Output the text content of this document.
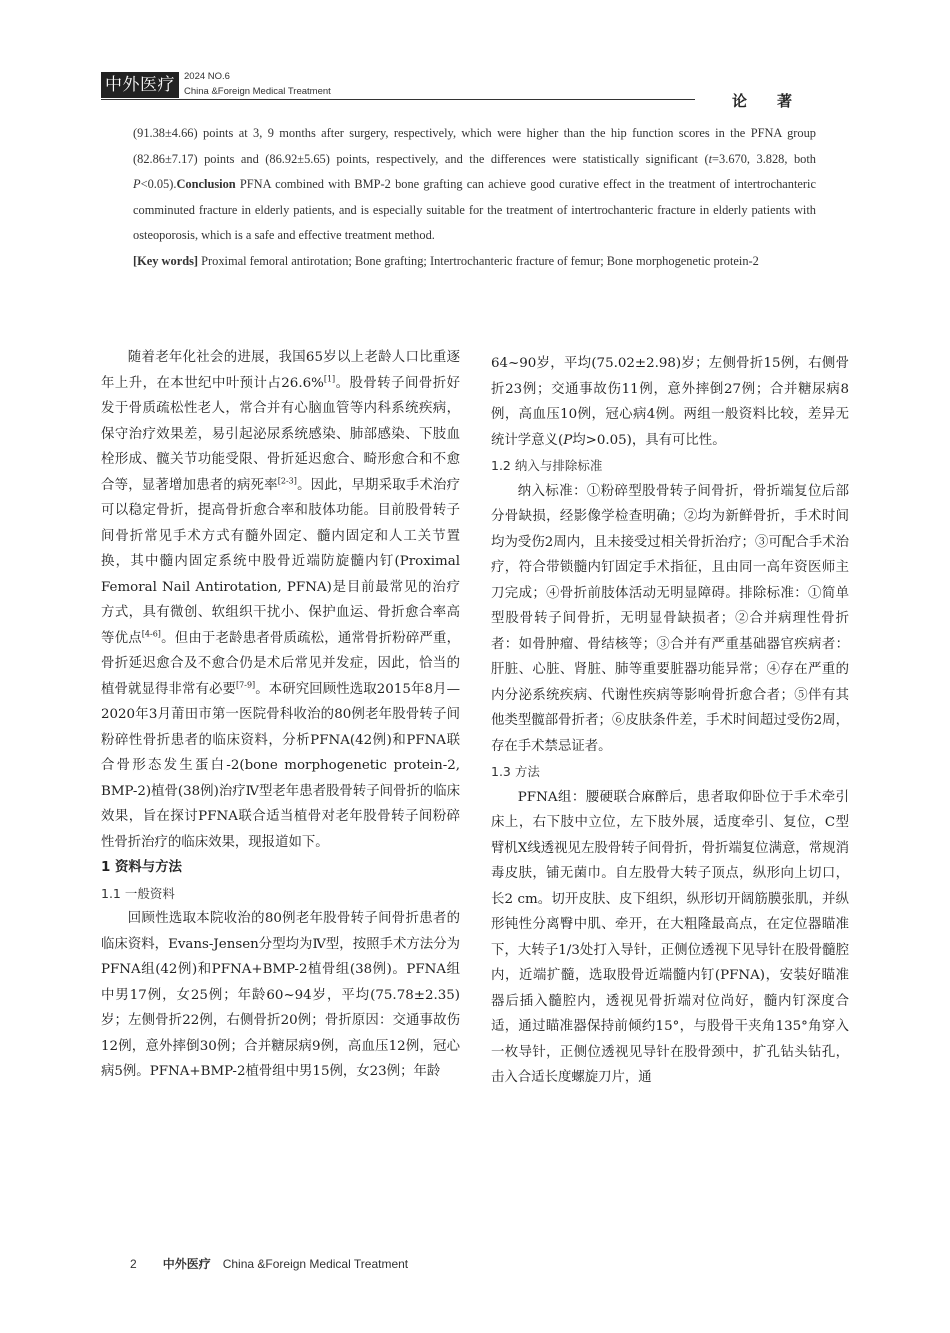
中外医疗 2024 NO.6
China &Foreign Medical Treatment
论著

(91.38±4.66) points at 3, 9 months after surgery, respectively, which were higher than the hip function scores in the PFNA group (82.86±7.17) points and (86.92±5.65) points, respectively, and the differences were statistically significant (t=3.670, 3.828, both P<0.05).Conclusion PFNA combined with BMP-2 bone grafting can achieve good curative effect in the treatment of intertrochanteric comminuted fracture in elderly patients, and is especially suitable for the treatment of intertrochanteric fracture in elderly patients with osteoporosis, which is a safe and effective treatment method.

[Key words] Proximal femoral antirotation; Bone grafting; Intertrochanteric fracture of femur; Bone morphogenetic protein-2

随着老年化社会的进展，我国65岁以上老龄人口比重逐年上升，在本世纪中叶预计占26.6%[1]。股骨转子间骨折好发于骨质疏松性老人，常合并有心脑血管等内科系统疾病，保守治疗效果差，易引起泌尿系统感染、肺部感染、下肢血栓形成、髋关节功能受限、骨折延迟愈合、畸形愈合和不愈合等，显著增加患者的病死率[2-3]。因此，早期采取手术治疗可以稳定骨折，提高骨折愈合率和肢体功能。目前股骨转子间骨折常见手术方式有髓外固定、髓内固定和人工关节置换，其中髓内固定系统中股骨近端防旋髓内钉(Proximal Femoral Nail Antirotation, PFNA)是目前最常见的治疗方式，具有微创、软组织干扰小、保护血运、骨折愈合率高等优点[4-6]。但由于老龄患者骨质疏松，通常骨折粉碎严重，骨折延迟愈合及不愈合仍是术后常见并发症，因此，恰当的植骨就显得非常有必要[7-9]。本研究回顾性选取2015年8月—2020年3月莆田市第一医院骨科收治的80例老年股骨转子间粉碎性骨折患者的临床资料，分析PFNA(42例)和PFNA联合骨形态发生蛋白-2(bone morphogenetic protein-2, BMP-2)植骨(38例)治疗Ⅳ型老年患者股骨转子间骨折的临床效果，旨在探讨PFNA联合适当植骨对老年股骨转子间粉碎性骨折治疗的临床效果，现报道如下。

1 资料与方法
1.1 一般资料

回顾性选取本院收治的80例老年股骨转子间骨折患者的临床资料，Evans-Jensen分型均为Ⅳ型，按照手术方法分为PFNA组(42例)和PFNA+BMP-2植骨组(38例)。PFNA组中男17例，女25例；年龄60~94岁，平均(75.78±2.35)岁；左侧骨折22例，右侧骨折20例；骨折原因：交通事故伤12例，意外摔倒30例；合并糖尿病9例，高血压12例，冠心病5例。PFNA+BMP-2植骨组中男15例，女23例；年龄

64~90岁，平均(75.02±2.98)岁；左侧骨折15例，右侧骨折23例；交通事故伤11例，意外摔倒27例；合并糖尿病8例，高血压10例，冠心病4例。两组一般资料比较，差异无统计学意义(P均>0.05)，具有可比性。

1.2 纳入与排除标准

纳入标准：①粉碎型股骨转子间骨折，骨折端复位后部分骨缺损，经影像学检查明确；②均为新鲜骨折，手术时间均为受伤2周内，且未接受过相关骨折治疗；③可配合手术治疗，符合带锁髓内钉固定手术指征，且由同一高年资医师主刀完成；④骨折前肢体活动无明显障碍。排除标准：①简单型股骨转子间骨折，无明显骨缺损者；②合并病理性骨折者：如骨肿瘤、骨结核等；③合并有严重基础器官疾病者：肝脏、心脏、肾脏、肺等重要脏器功能异常；④存在严重的内分泌系统疾病、代谢性疾病等影响骨折愈合者；⑤伴有其他类型髋部骨折者；⑥皮肤条件差，手术时间超过受伤2周，存在手术禁忌证者。

1.3 方法

PFNA组：腰硬联合麻醉后，患者取仰卧位于手术牵引床上，右下肢中立位，左下肢外展，适度牵引、复位，C型臂机X线透视见左股骨转子间骨折，骨折端复位满意，常规消毒皮肤，铺无菌巾。自左股骨大转子顶点，纵形向上切口，长2 cm。切开皮肤、皮下组织，纵形切开阔筋膜张肌，并纵形钝性分离臀中肌、牵开，在大粗隆最高点，在定位器瞄准下，大转子1/3处打入导针，正侧位透视下见导针在股骨髓腔内，近端扩髓，选取股骨近端髓内钉(PFNA)，安装好瞄准器后插入髓腔内，透视见骨折端对位尚好，髓内钉深度合适，通过瞄准器保持前倾约15°，与股骨干夹角135°角穿入一枚导针，正侧位透视见导针在股骨颈中，扩孔钻头钻孔，击入合适长度螺旋刀片，通

2 中外医疗 China &Foreign Medical Treatment
